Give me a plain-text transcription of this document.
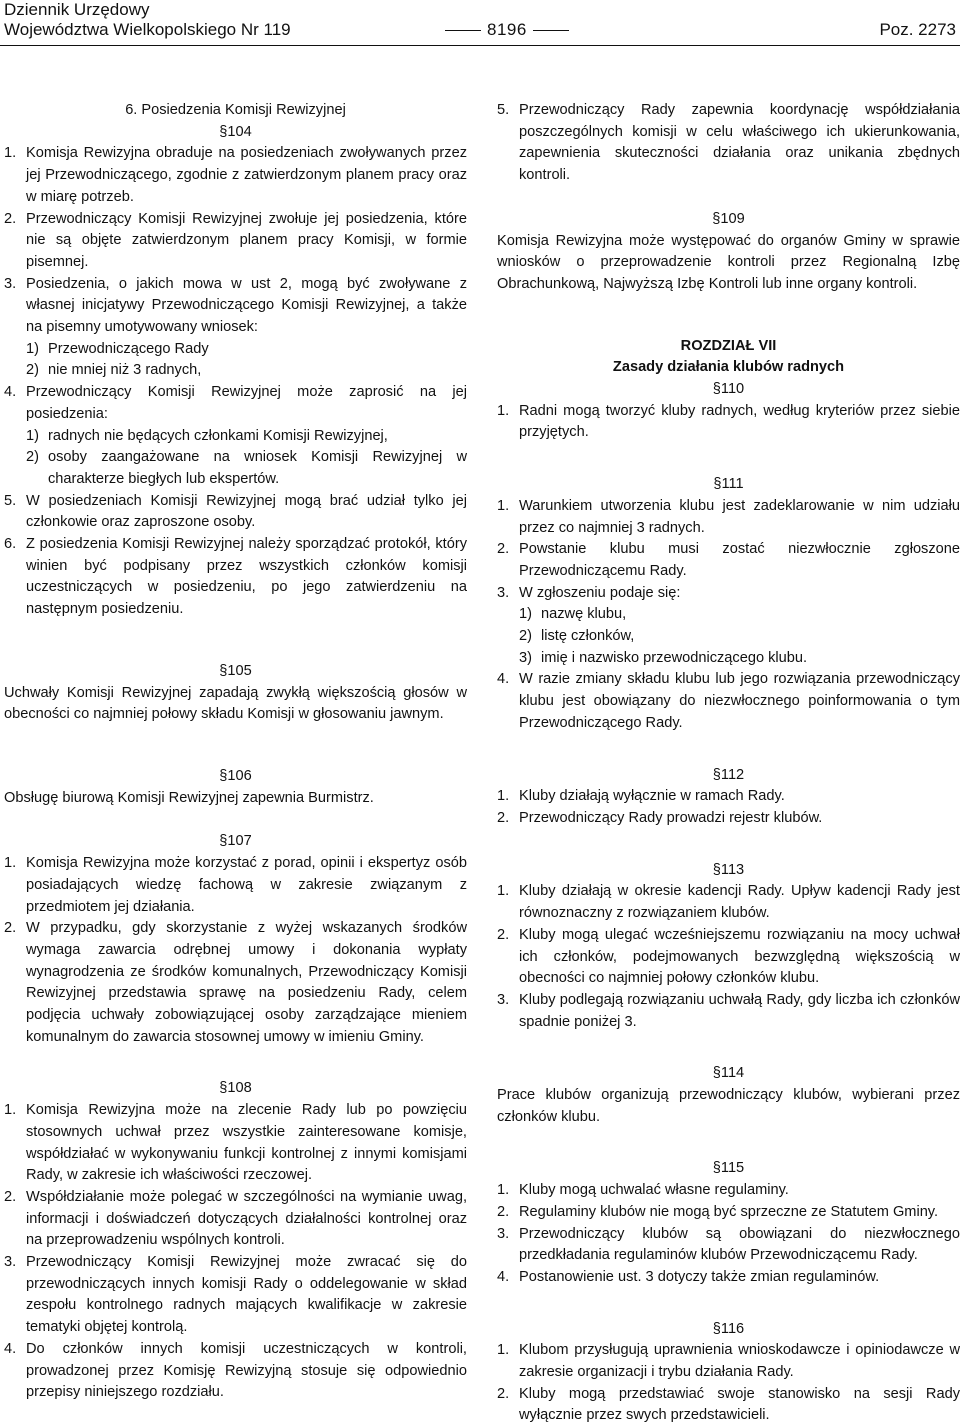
Dziennik Urzędowy
Województwa Wielkopolskiego Nr 119	8196	Poz. 2273
6. Posiedzenia Komisji Rewizyjnej
§104
1. Komisja Rewizyjna obraduje na posiedzeniach zwoływanych przez jej Przewodniczącego, zgodnie z zatwierdzonym planem pracy oraz w miarę potrzeb.
2. Przewodniczący Komisji Rewizyjnej zwołuje jej posiedzenia, które nie są objęte zatwierdzonym planem pracy Komisji, w formie pisemnej.
3. Posiedzenia, o jakich mowa w ust 2, mogą być zwoływane z własnej inicjatywy Przewodniczącego Komisji Rewizyjnej, a także na pisemny umotywowany wniosek:
1) Przewodniczącego Rady
2) nie mniej niż 3 radnych,
4. Przewodniczący Komisji Rewizyjnej może zaprosić na jej posiedzenia:
1) radnych nie będących członkami Komisji Rewizyjnej,
2) osoby zaangażowane na wniosek Komisji Rewizyjnej w charakterze biegłych lub ekspertów.
5. W posiedzeniach Komisji Rewizyjnej mogą brać udział tylko jej członkowie oraz zaproszone osoby.
6. Z posiedzenia Komisji Rewizyjnej należy sporządzać protokół, który winien być podpisany przez wszystkich członków komisji uczestniczących w posiedzeniu, po jego zatwierdzeniu na następnym posiedzeniu.
§105
Uchwały Komisji Rewizyjnej zapadają zwykłą większością głosów w obecności co najmniej połowy składu Komisji w głosowaniu jawnym.
§106
Obsługę biurową Komisji Rewizyjnej zapewnia Burmistrz.
§107
1. Komisja Rewizyjna może korzystać z porad, opinii i ekspertyz osób posiadających wiedzę fachową w zakresie związanym z przedmiotem jej działania.
2. W przypadku, gdy skorzystanie z wyżej wskazanych środków wymaga zawarcia odrębnej umowy i dokonania wypłaty wynagrodzenia ze środków komunalnych, Przewodniczący Komisji Rewizyjnej przedstawia sprawę na posiedzeniu Rady, celem podjęcia uchwały zobowiązującej osoby zarządzające mieniem komunalnym do zawarcia stosownej umowy w imieniu Gminy.
§108
1. Komisja Rewizyjna może na zlecenie Rady lub po powzięciu stosownych uchwał przez wszystkie zainteresowane komisje, współdziałać w wykonywaniu funkcji kontrolnej z innymi komisjami Rady, w zakresie ich właściwości rzeczowej.
2. Współdziałanie może polegać w szczególności na wymianie uwag, informacji i doświadczeń dotyczących działalności kontrolnej oraz na przeprowadzeniu wspólnych kontroli.
3. Przewodniczący Komisji Rewizyjnej może zwracać się do przewodniczących innych komisji Rady o oddelegowanie w skład zespołu kontrolnego radnych mających kwalifikacje w zakresie tematyki objętej kontrolą.
4. Do członków innych komisji uczestniczących w kontroli, prowadzonej przez Komisję Rewizyjną stosuje się odpowiednio przepisy niniejszego rozdziału.
5. Przewodniczący Rady zapewnia koordynację współdziałania poszczególnych komisji w celu właściwego ich ukierunkowania, zapewnienia skuteczności działania oraz unikania zbędnych kontroli.
§109
Komisja Rewizyjna może występować do organów Gminy w sprawie wniosków o przeprowadzenie kontroli przez Regionalną Izbę Obrachunkową, Najwyższą Izbę Kontroli lub inne organy kontroli.
ROZDZIAŁ VII
Zasady działania klubów radnych
§110
1. Radni mogą tworzyć kluby radnych, według kryteriów przez siebie przyjętych.
§111
1. Warunkiem utworzenia klubu jest zadeklarowanie w nim udziału przez co najmniej 3 radnych.
2. Powstanie klubu musi zostać niezwłocznie zgłoszone Przewodniczącemu Rady.
3. W zgłoszeniu podaje się:
1) nazwę klubu,
2) listę członków,
3) imię i nazwisko przewodniczącego klubu.
4. W razie zmiany składu klubu lub jego rozwiązania przewodniczący klubu jest obowiązany do niezwłocznego poinformowania o tym Przewodniczącego Rady.
§112
1. Kluby działają wyłącznie w ramach Rady.
2. Przewodniczący Rady prowadzi rejestr klubów.
§113
1. Kluby działają w okresie kadencji Rady. Upływ kadencji Rady jest równoznaczny z rozwiązaniem klubów.
2. Kluby mogą ulegać wcześniejszemu rozwiązaniu na mocy uchwał ich członków, podejmowanych bezwzględną większością w obecności co najmniej połowy członków klubu.
3. Kluby podlegają rozwiązaniu uchwałą Rady, gdy liczba ich członków spadnie poniżej 3.
§114
Prace klubów organizują przewodniczący klubów, wybierani przez członków klubu.
§115
1. Kluby mogą uchwalać własne regulaminy.
2. Regulaminy klubów nie mogą być sprzeczne ze Statutem Gminy.
3. Przewodniczący klubów są obowiązani do niezwłocznego przedkładania regulaminów klubów Przewodniczącemu Rady.
4. Postanowienie ust. 3 dotyczy także zmian regulaminów.
§116
1. Klubom przysługują uprawnienia wnioskodawcze i opiniodawcze w zakresie organizacji i trybu działania Rady.
2. Kluby mogą przedstawiać swoje stanowisko na sesji Rady wyłącznie przez swych przedstawicieli.
